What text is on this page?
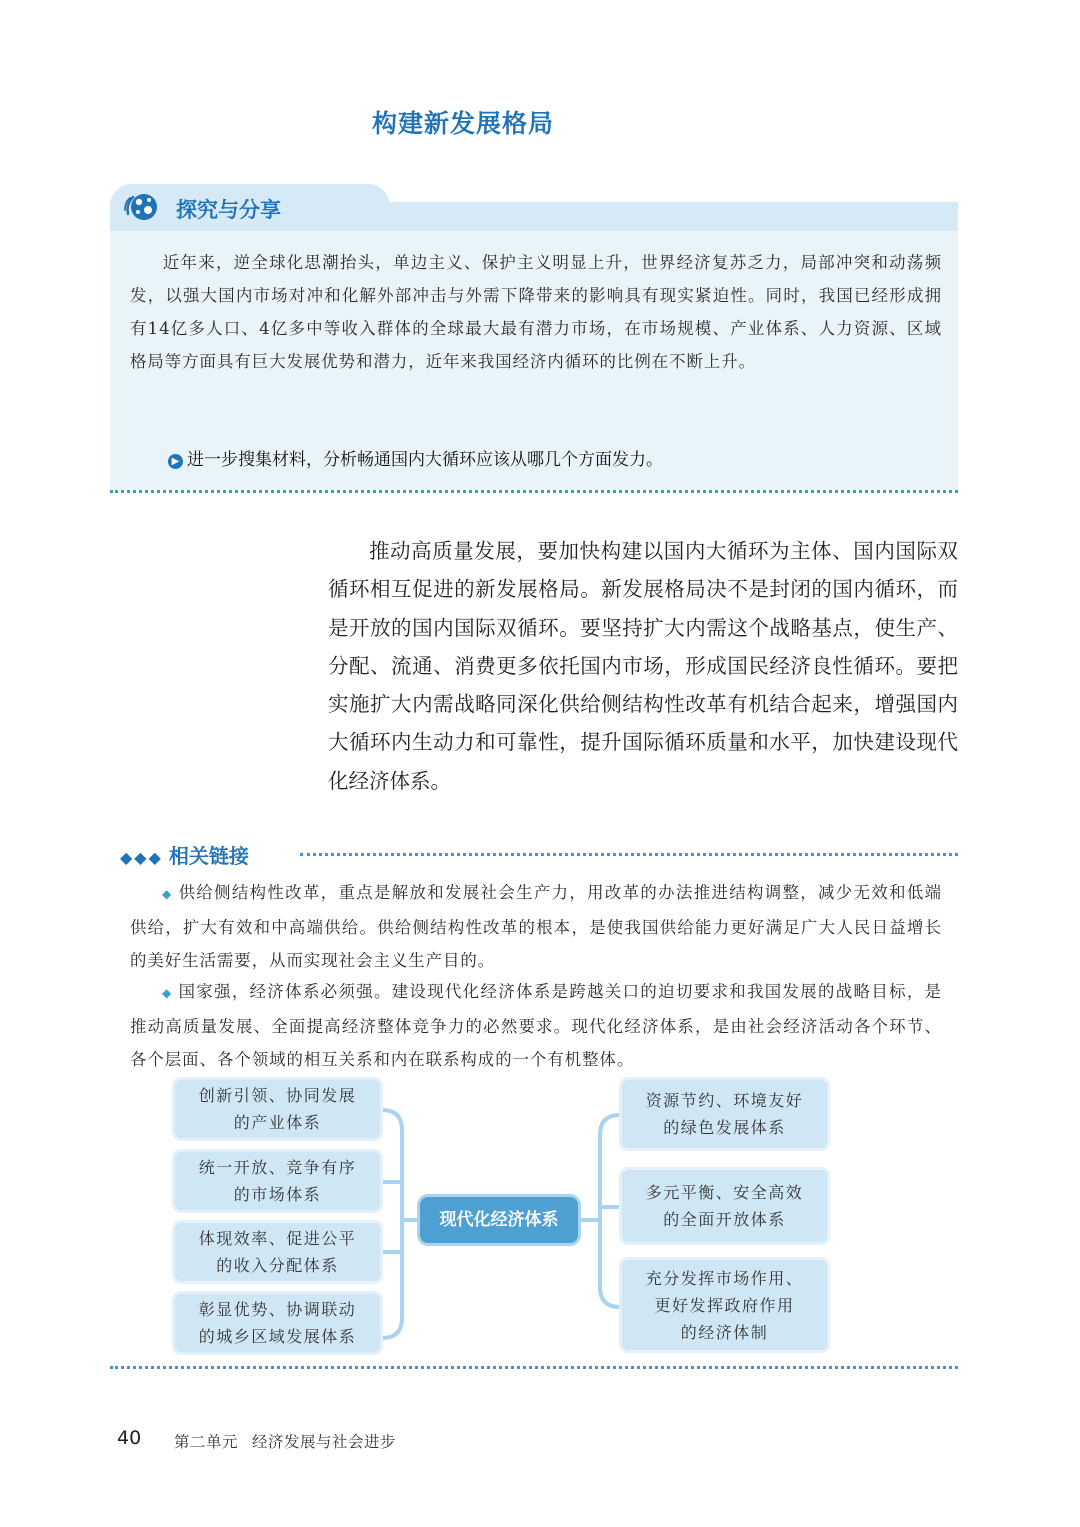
构建新发展格局
探究与分享
近年来，逆全球化思潮抬头，单边主义、保护主义明显上升，世界经济复苏乏力，局部冲突和动荡频发，以强大国内市场对冲和化解外部冲击与外需下降带来的影响具有现实紧迫性。同时，我国已经形成拥有14亿多人口、4亿多中等收入群体的全球最大最有潜力市场，在市场规模、产业体系、人力资源、区域格局等方面具有巨大发展优势和潜力，近年来我国经济内循环的比例在不断上升。
▶ 进一步搜集材料，分析畅通国内大循环应该从哪几个方面发力。
推动高质量发展，要加快构建以国内大循环为主体、国内国际双循环相互促进的新发展格局。新发展格局决不是封闭的国内循环，而是开放的国内国际双循环。要坚持扩大内需这个战略基点，使生产、分配、流通、消费更多依托国内市场，形成国民经济良性循环。要把实施扩大内需战略同深化供给侧结构性改革有机结合起来，增强国内大循环内生动力和可靠性，提升国际循环质量和水平，加快建设现代化经济体系。
◆◆◆ 相关链接
◆ 供给侧结构性改革，重点是解放和发展社会生产力，用改革的办法推进结构调整，减少无效和低端供给，扩大有效和中高端供给。供给侧结构性改革的根本，是使我国供给能力更好满足广大人民日益增长的美好生活需要，从而实现社会主义生产目的。
◆ 国家强，经济体系必须强。建设现代化经济体系是跨越关口的迫切要求和我国发展的战略目标，是推动高质量发展、全面提高经济整体竞争力的必然要求。现代化经济体系，是由社会经济活动各个环节、各个层面、各个领域的相互关系和内在联系构成的一个有机整体。
创新引领、协同发展
的产业体系
统一开放、竞争有序
的市场体系
体现效率、促进公平
的收入分配体系
彰显优势、协调联动
的城乡区域发展体系
现代化经济体系
资源节约、环境友好
的绿色发展体系
多元平衡、安全高效
的全面开放体系
充分发挥市场作用、
更好发挥政府作用
的经济体制
40 第二单元 经济发展与社会进步
